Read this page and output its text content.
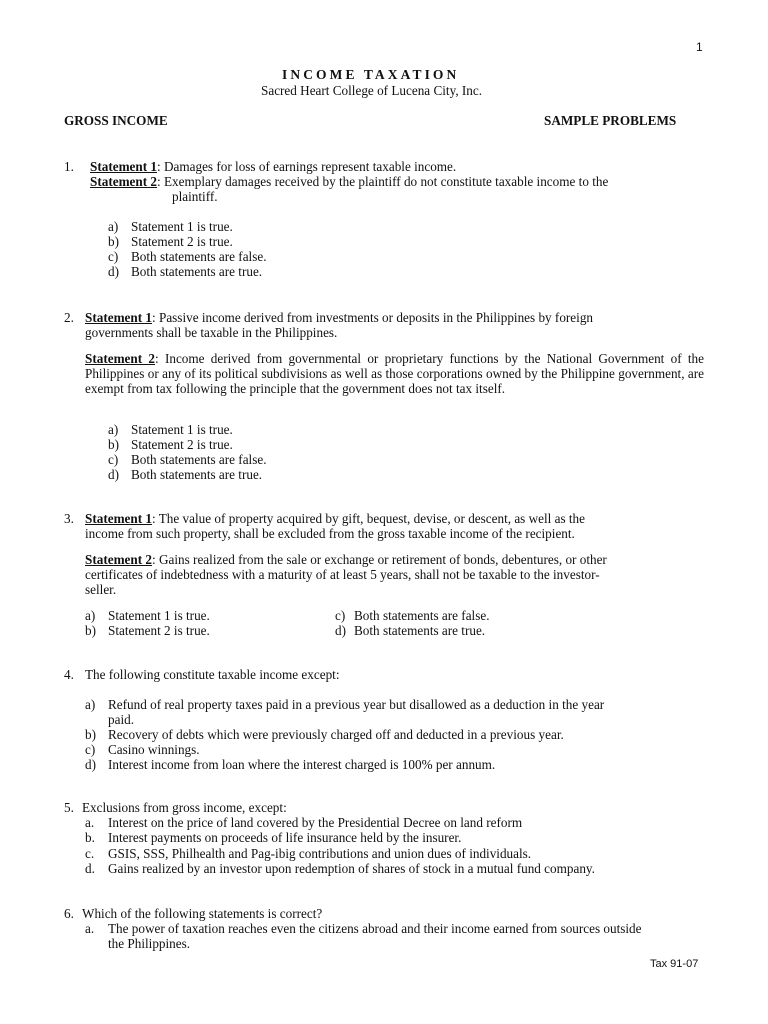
1
INCOME TAXATION
Sacred Heart College of Lucena City, Inc.
GROSS INCOME	SAMPLE PROBLEMS
1. Statement 1: Damages for loss of earnings represent taxable income.
Statement 2: Exemplary damages received by the plaintiff do not constitute taxable income to the
plaintiff.
a) Statement 1 is true.
b) Statement 2 is true.
c) Both statements are false.
d) Both statements are true.
2. Statement 1: Passive income derived from investments or deposits in the Philippines by foreign
governments shall be taxable in the Philippines.
Statement 2: Income derived from governmental or proprietary functions by the National Government of the Philippines or any of its political subdivisions as well as those corporations owned by the Philippine government, are exempt from tax following the principle that the government does not tax itself.
a) Statement 1 is true.
b) Statement 2 is true.
c) Both statements are false.
d) Both statements are true.
3. Statement 1: The value of property acquired by gift, bequest, devise, or descent, as well as the
income from such property, shall be excluded from the gross taxable income of the recipient.
Statement 2: Gains realized from the sale or exchange or retirement of bonds, debentures, or other
certificates of indebtedness with a maturity of at least 5 years, shall not be taxable to the investor-
seller.
a) Statement 1 is true.
b) Statement 2 is true.
c) Both statements are false.
d) Both statements are true.
4. The following constitute taxable income except:
a) Refund of real property taxes paid in a previous year but disallowed as a deduction in the year
paid.
b) Recovery of debts which were previously charged off and deducted in a previous year.
c) Casino winnings.
d) Interest income from loan where the interest charged is 100% per annum.
5. Exclusions from gross income, except:
a. Interest on the price of land covered by the Presidential Decree on land reform
b. Interest payments on proceeds of life insurance held by the insurer.
c. GSIS, SSS, Philhealth and Pag-ibig contributions and union dues of individuals.
d. Gains realized by an investor upon redemption of shares of stock in a mutual fund company.
6. Which of the following statements is correct?
a. The power of taxation reaches even the citizens abroad and their income earned from sources outside
the Philippines.
Tax 91-07
